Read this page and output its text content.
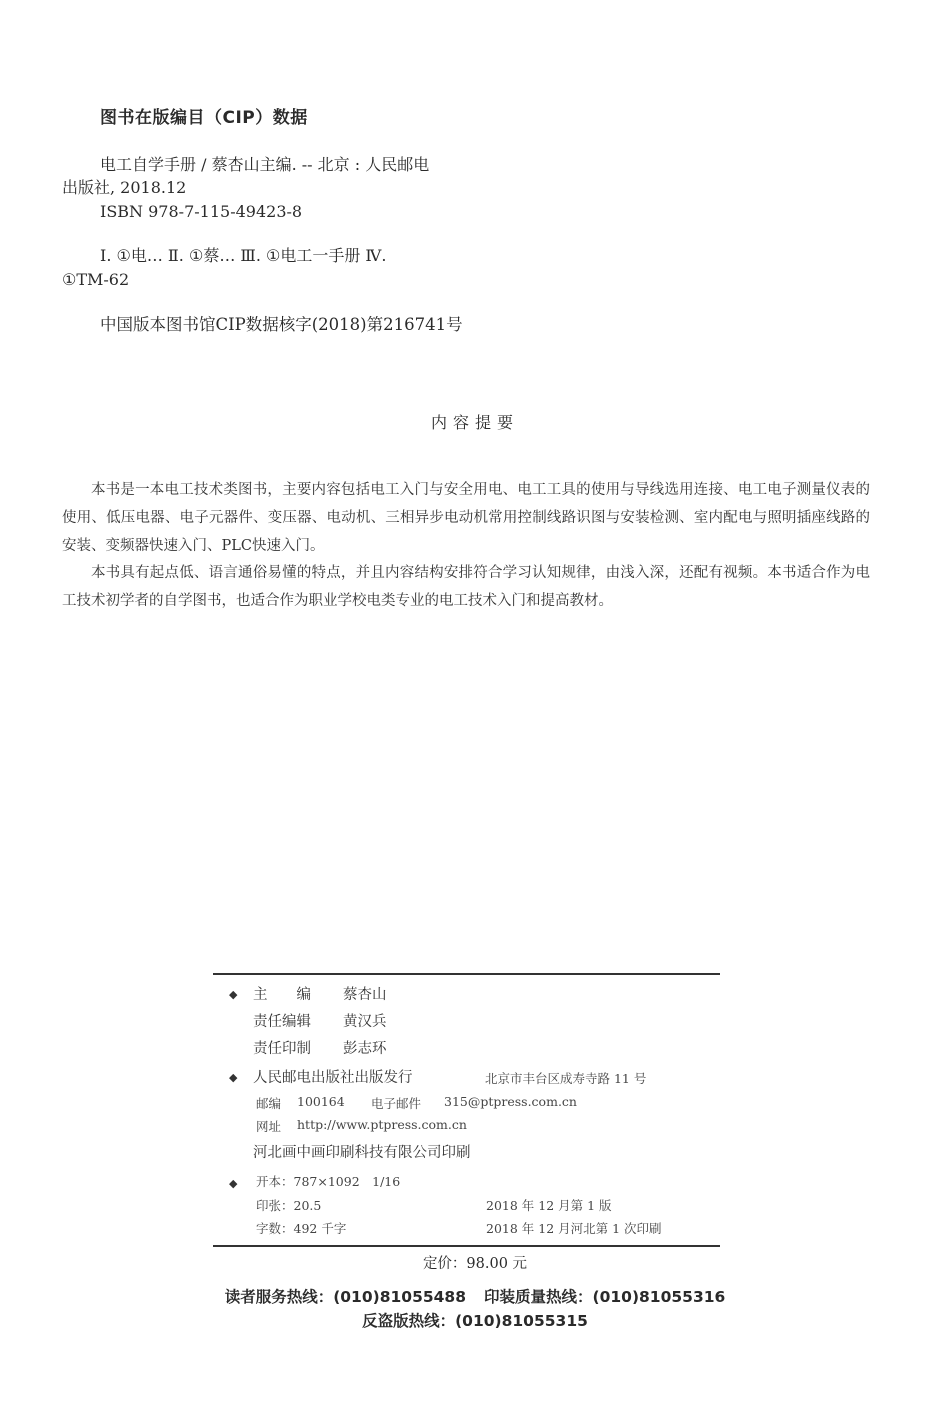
图书在版编目（CIP）数据
电工自学手册 / 蔡杏山主编. -- 北京 : 人民邮电
出版社, 2018.12
ISBN 978-7-115-49423-8
Ⅰ. ①电… Ⅱ. ①蔡… Ⅲ. ①电工一手册 Ⅳ.
①TM-62
中国版本图书馆CIP数据核字(2018)第216741号
内容提要
本书是一本电工技术类图书，主要内容包括电工入门与安全用电、电工工具的使用与导线选用连接、电工电子测量仪表的使用、低压电器、电子元器件、变压器、电动机、三相异步电动机常用控制线路识图与安装检测、室内配电与照明插座线路的安装、变频器快速入门、PLC快速入门。
本书具有起点低、语言通俗易懂的特点，并且内容结构安排符合学习认知规律，由浅入深，还配有视频。本书适合作为电工技术初学者的自学图书，也适合作为职业学校电类专业的电工技术入门和提高教材。
◆ 主　　编 蔡杏山
责任编辑 黄汉兵
责任印制 彭志环
◆ 人民邮电出版社出版发行	北京市丰台区成寿寺路 11 号
邮编 100164 电子邮件 315@ptpress.com.cn
网址 http://www.ptpress.com.cn
河北画中画印刷科技有限公司印刷
◆ 开本：787×1092　1/16
印张：20.5	2018 年 12 月第 1 版
字数：492 千字	2018 年 12 月河北第 1 次印刷
定价：98.00 元
读者服务热线：(010)81055488 印装质量热线：(010)81055316
反盗版热线：(010)81055315
